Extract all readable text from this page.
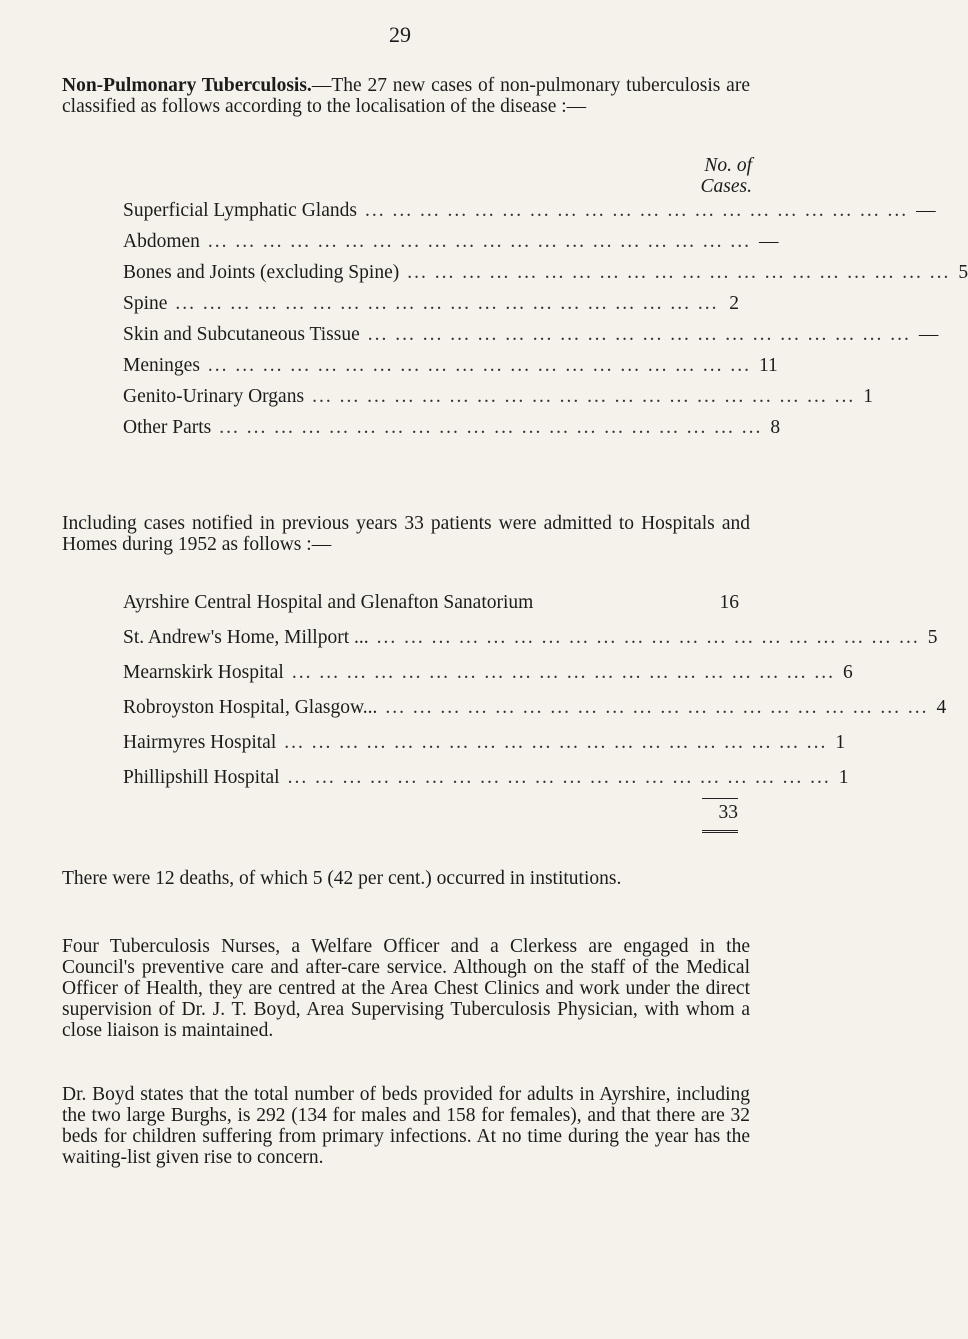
29
Non-Pulmonary Tuberculosis.—The 27 new cases of non-pulmonary tuberculosis are classified as follows according to the localisation of the disease :—
No. of
Cases.
Superficial Lymphatic Glands ... ... ... ... ... ... ... ... ... ... ... ... ... ... ... ... ... ... ... ... —
Abdomen ... ... ... ... ... ... ... ... ... ... ... ... ... ... ... ... ... ... ... ... —
Bones and Joints (excluding Spine) ... ... ... ... ... ... ... ... ... ... ... ... ... ... ... ... ... ... ... ... 5
Spine ... ... ... ... ... ... ... ... ... ... ... ... ... ... ... ... ... ... ... ... 2
Skin and Subcutaneous Tissue ... ... ... ... ... ... ... ... ... ... ... ... ... ... ... ... ... ... ... ... —
Meninges ... ... ... ... ... ... ... ... ... ... ... ... ... ... ... ... ... ... ... ... 11
Genito-Urinary Organs ... ... ... ... ... ... ... ... ... ... ... ... ... ... ... ... ... ... ... ... 1
Other Parts ... ... ... ... ... ... ... ... ... ... ... ... ... ... ... ... ... ... ... ... 8
Including cases notified in previous years 33 patients were admitted to Hospitals and Homes during 1952 as follows :—
Ayrshire Central Hospital and Glenafton Sanatorium	16
St. Andrew's Home, Millport ... ... ... ... ... ... ... ... ... ... ... ... ... ... ... ... ... ... ... ... ... 5
Mearnskirk Hospital ... ... ... ... ... ... ... ... ... ... ... ... ... ... ... ... ... ... ... ... 6
Robroyston Hospital, Glasgow... ... ... ... ... ... ... ... ... ... ... ... ... ... ... ... ... ... ... ... ... 4
Hairmyres Hospital ... ... ... ... ... ... ... ... ... ... ... ... ... ... ... ... ... ... ... ... 1
Phillipshill Hospital ... ... ... ... ... ... ... ... ... ... ... ... ... ... ... ... ... ... ... ... 1
33
There were 12 deaths, of which 5 (42 per cent.) occurred in institutions.
Four Tuberculosis Nurses, a Welfare Officer and a Clerkess are engaged in the Council's preventive care and after-care service. Although on the staff of the Medical Officer of Health, they are centred at the Area Chest Clinics and work under the direct supervision of Dr. J. T. Boyd, Area Supervising Tuberculosis Physician, with whom a close liaison is maintained.
Dr. Boyd states that the total number of beds provided for adults in Ayrshire, including the two large Burghs, is 292 (134 for males and 158 for females), and that there are 32 beds for children suffering from primary infections. At no time during the year has the waiting-list given rise to concern.
